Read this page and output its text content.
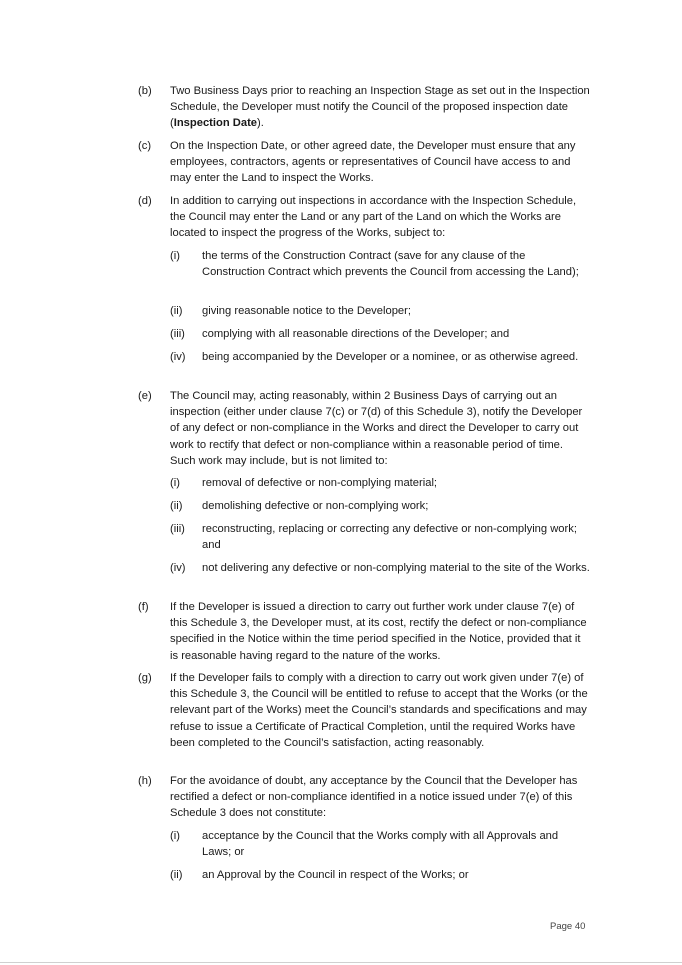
(b) Two Business Days prior to reaching an Inspection Stage as set out in the Inspection Schedule, the Developer must notify the Council of the proposed inspection date (Inspection Date).
(c) On the Inspection Date, or other agreed date, the Developer must ensure that any employees, contractors, agents or representatives of Council have access to and may enter the Land to inspect the Works.
(d) In addition to carrying out inspections in accordance with the Inspection Schedule, the Council may enter the Land or any part of the Land on which the Works are located to inspect the progress of the Works, subject to:
(i) the terms of the Construction Contract (save for any clause of the Construction Contract which prevents the Council from accessing the Land);
(ii) giving reasonable notice to the Developer;
(iii) complying with all reasonable directions of the Developer; and
(iv) being accompanied by the Developer or a nominee, or as otherwise agreed.
(e) The Council may, acting reasonably, within 2 Business Days of carrying out an inspection (either under clause 7(c) or 7(d) of this Schedule 3), notify the Developer of any defect or non-compliance in the Works and direct the Developer to carry out work to rectify that defect or non-compliance within a reasonable period of time. Such work may include, but is not limited to:
(i) removal of defective or non-complying material;
(ii) demolishing defective or non-complying work;
(iii) reconstructing, replacing or correcting any defective or non-complying work; and
(iv) not delivering any defective or non-complying material to the site of the Works.
(f) If the Developer is issued a direction to carry out further work under clause 7(e) of this Schedule 3, the Developer must, at its cost, rectify the defect or non-compliance specified in the Notice within the time period specified in the Notice, provided that it is reasonable having regard to the nature of the works.
(g) If the Developer fails to comply with a direction to carry out work given under 7(e) of this Schedule 3, the Council will be entitled to refuse to accept that the Works (or the relevant part of the Works) meet the Council’s standards and specifications and may refuse to issue a Certificate of Practical Completion, until the required Works have been completed to the Council’s satisfaction, acting reasonably.
(h) For the avoidance of doubt, any acceptance by the Council that the Developer has rectified a defect or non-compliance identified in a notice issued under 7(e) of this Schedule 3 does not constitute:
(i) acceptance by the Council that the Works comply with all Approvals and Laws; or
(ii) an Approval by the Council in respect of the Works; or
Page 40
